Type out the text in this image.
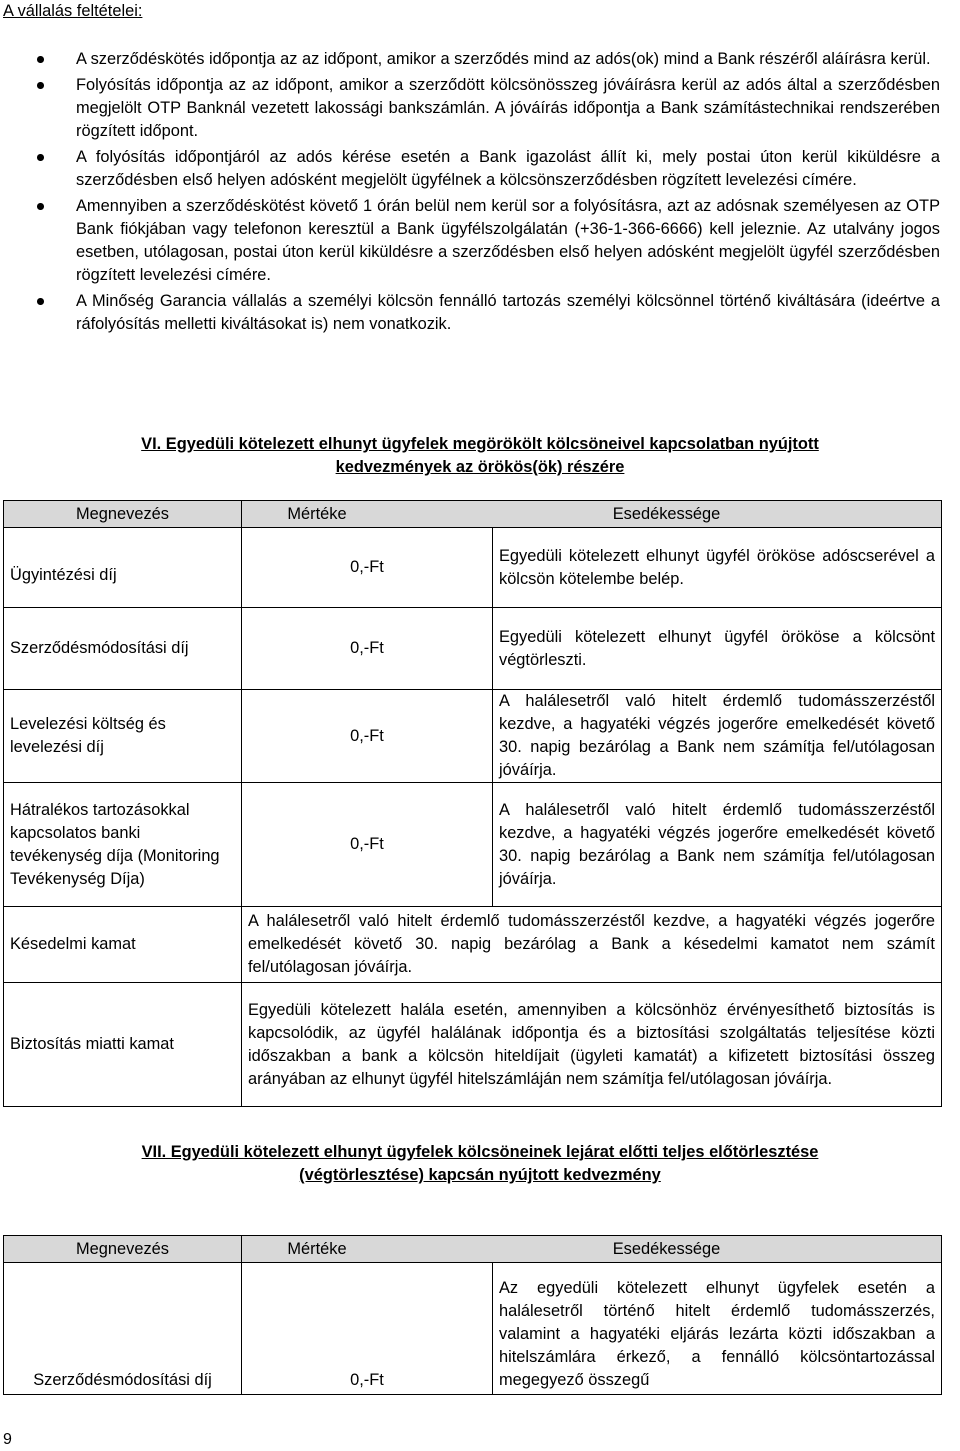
A vállalás feltételei:
A szerződéskötés időpontja az az időpont, amikor a szerződés mind az adós(ok) mind a Bank részéről aláírásra kerül.
Folyósítás időpontja az az időpont, amikor a szerződött kölcsönösszeg jóváírásra kerül az adós által a szerződésben megjelölt OTP Banknál vezetett lakossági bankszámlán. A jóváírás időpontja a Bank számítástechnikai rendszerében rögzített időpont.
A folyósítás időpontjáról az adós kérése esetén a Bank igazolást állít ki, mely postai úton kerül kiküldésre a szerződésben első helyen adósként megjelölt ügyfélnek a kölcsönszerződésben rögzített levelezési címére.
Amennyiben a szerződéskötést követő 1 órán belül nem kerül sor a folyósításra, azt az adósnak személyesen az OTP Bank fiókjában vagy telefonon keresztül a Bank ügyfélszolgálatán (+36-1-366-6666) kell jeleznie. Az utalvány jogos esetben, utólagosan, postai úton kerül kiküldésre a szerződésben első helyen adósként megjelölt ügyfél szerződésben rögzített levelezési címére.
A Minőség Garancia vállalás a személyi kölcsön fennálló tartozás személyi kölcsönnel történő kiváltására (ideértve a ráfolyósítás melletti kiváltásokat is) nem vonatkozik.
VI. Egyedüli kötelezett elhunyt ügyfelek megörökölt kölcsöneivel kapcsolatban nyújtott
kedvezmények az örökös(ök) részére
Megnevezés	Mértéke Esedékessége	

Ügyintézési díj	0,-Ft	Egyedüli kötelezett elhunyt ügyfél örököse adóscserével a kölcsön kötelembe belép.
Szerződésmódosítási díj	0,-Ft	Egyedüli kötelezett elhunyt ügyfél örököse a kölcsönt végtörleszti.
Levelezési költség és levelezési díj	0,-Ft	A halálesetről való hitelt érdemlő tudomásszerzéstől kezdve, a hagyatéki végzés jogerőre emelkedését követő 30. napig bezárólag a Bank nem számítja fel/utólagosan jóváírja.
Hátralékos tartozásokkal kapcsolatos banki tevékenység díja (Monitoring Tevékenység Díja)	0,-Ft	A halálesetről való hitelt érdemlő tudomásszerzéstől kezdve, a hagyatéki végzés jogerőre emelkedését követő 30. napig bezárólag a Bank nem számítja fel/utólagosan jóváírja.
Késedelmi kamat	A halálesetről való hitelt érdemlő tudomásszerzéstől kezdve, a hagyatéki végzés jogerőre emelkedését követő 30. napig bezárólag a Bank a késedelmi kamatot nem számít fel/utólagosan jóváírja.	
Biztosítás miatti kamat	Egyedüli kötelezett halála esetén, amennyiben a kölcsönhöz érvényesíthető biztosítás is kapcsolódik, az ügyfél halálának időpontja és a biztosítási szolgáltatás teljesítése közti időszakban a bank a kölcsön hiteldíjait (ügyleti kamatát) a kifizetett biztosítási összeg arányában az elhunyt ügyfél hitelszámláján nem számítja fel/utólagosan jóváírja.	
VII. Egyedüli kötelezett elhunyt ügyfelek kölcsöneinek lejárat előtti teljes előtörlesztése
(végtörlesztése) kapcsán nyújtott kedvezmény
Megnevezés	Mértéke Esedékessége	

Szerződésmódosítási díj	0,-Ft	Az egyedüli kötelezett elhunyt ügyfelek esetén a halálesetről történő hitelt érdemlő tudomásszerzés, valamint a hagyatéki eljárás lezárta közti időszakban a hitelszámlára érkező, a fennálló kölcsöntartozással megegyező összegű
9
